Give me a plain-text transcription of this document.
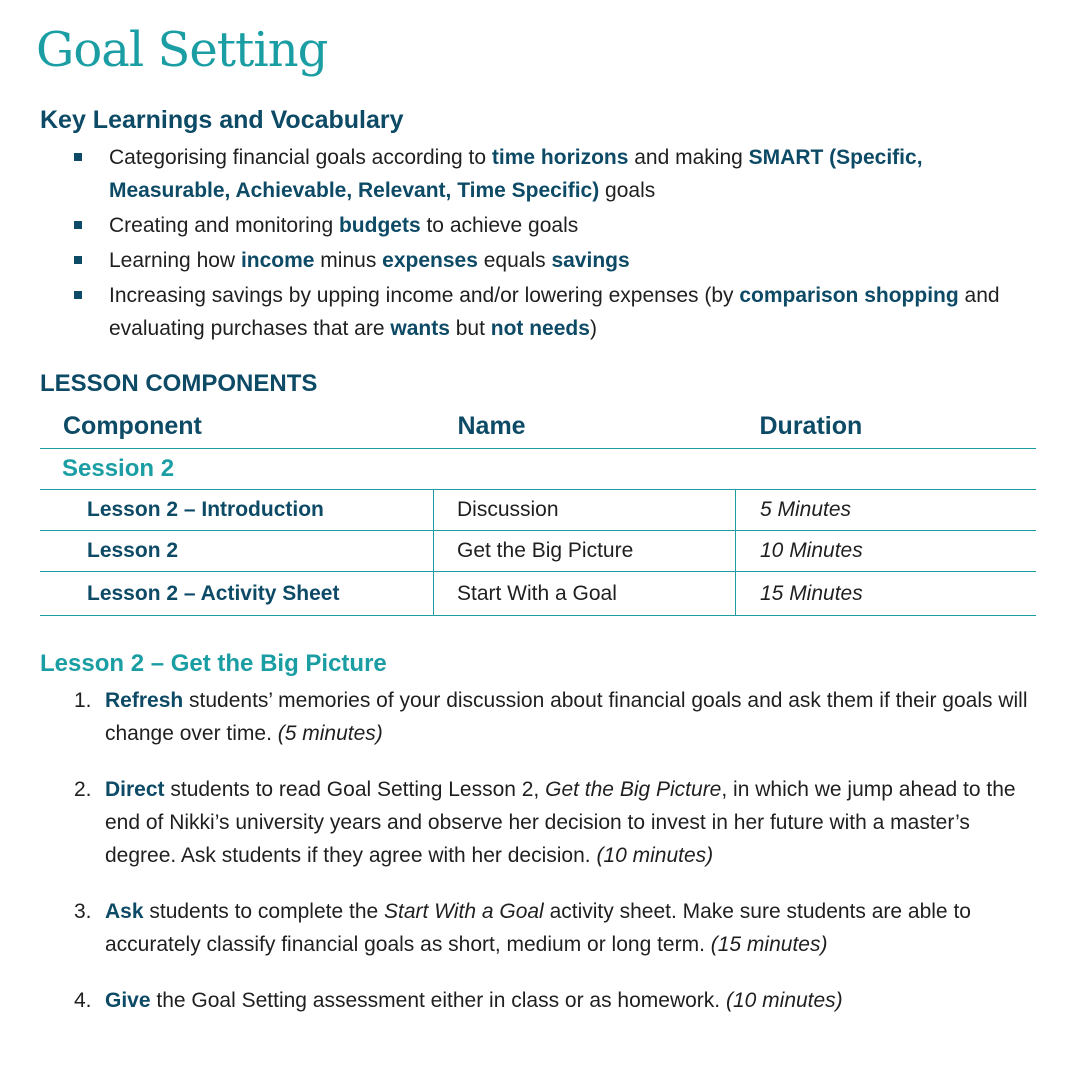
Goal Setting
Key Learnings and Vocabulary
Categorising financial goals according to time horizons and making SMART (Specific, Measurable, Achievable, Relevant, Time Specific) goals
Creating and monitoring budgets to achieve goals
Learning how income minus expenses equals savings
Increasing savings by upping income and/or lowering expenses (by comparison shopping and evaluating purchases that are wants but not needs)
LESSON COMPONENTS
Component	Name	Duration
Session 2		
Lesson 2 – Introduction	Discussion	5 Minutes
Lesson 2	Get the Big Picture	10 Minutes
Lesson 2 – Activity Sheet	Start With a Goal	15 Minutes
Lesson 2 – Get the Big Picture
1. Refresh students’ memories of your discussion about financial goals and ask them if their goals will change over time. (5 minutes)
2. Direct students to read Goal Setting Lesson 2, Get the Big Picture, in which we jump ahead to the end of Nikki’s university years and observe her decision to invest in her future with a master’s degree. Ask students if they agree with her decision. (10 minutes)
3. Ask students to complete the Start With a Goal activity sheet. Make sure students are able to accurately classify financial goals as short, medium or long term. (15 minutes)
4. Give the Goal Setting assessment either in class or as homework. (10 minutes)
